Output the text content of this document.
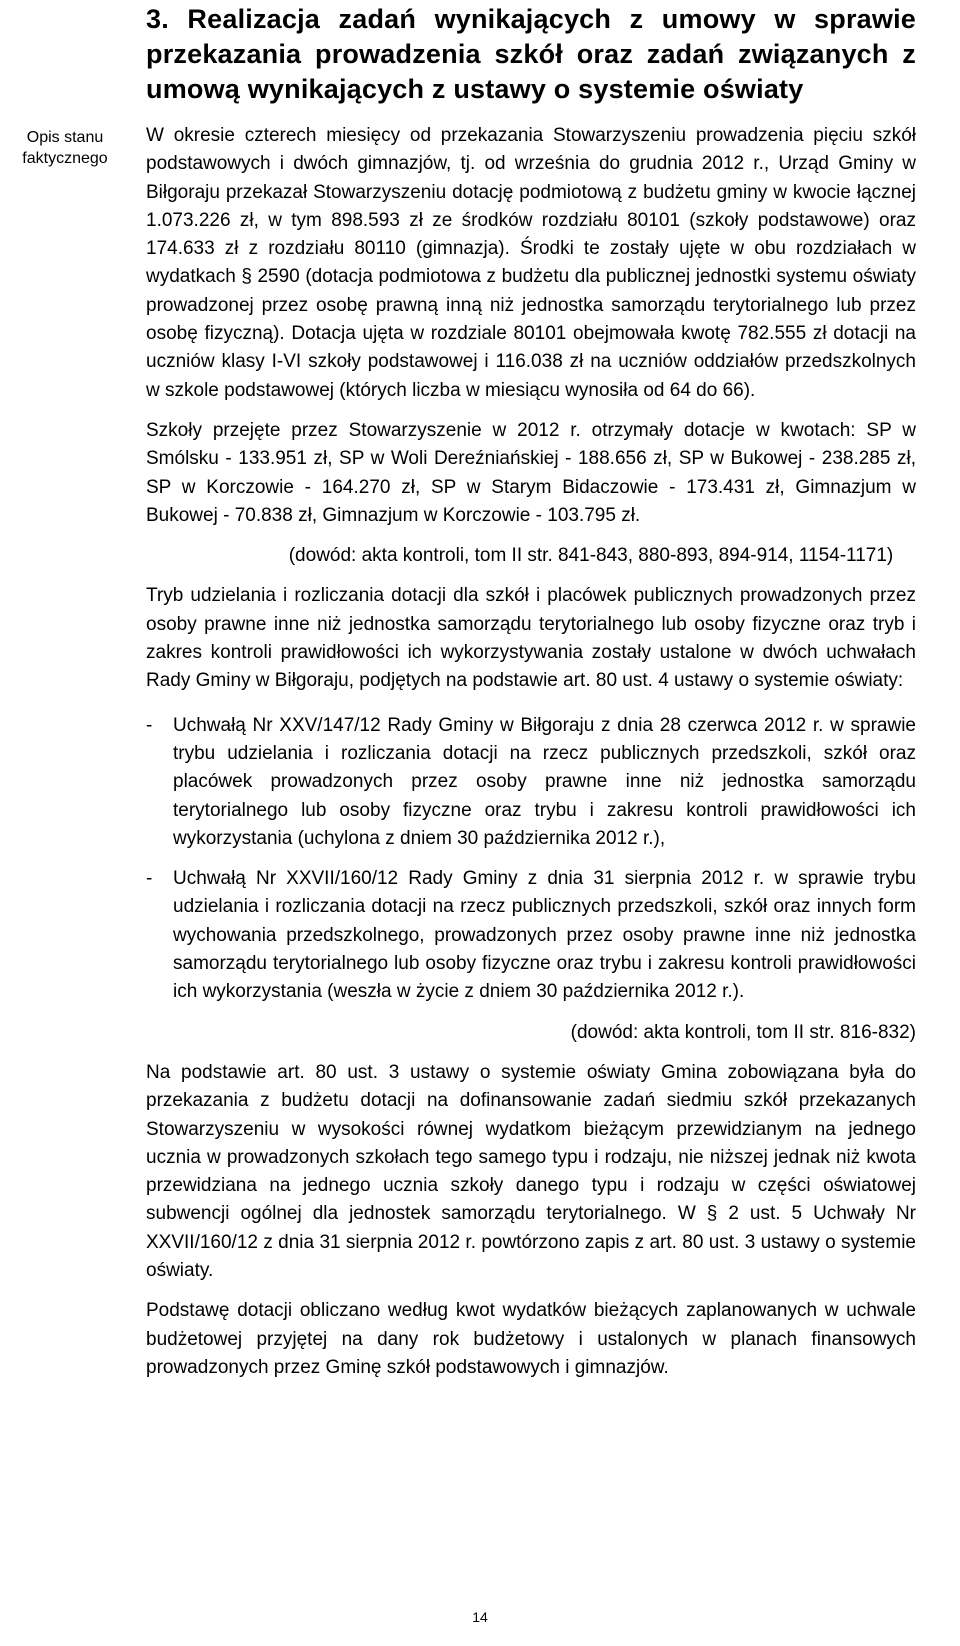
3. Realizacja zadań wynikających z umowy w sprawie przekazania prowadzenia szkół oraz zadań związanych z umową wynikających z ustawy o systemie oświaty
Opis stanu faktycznego

W okresie czterech miesięcy od przekazania Stowarzyszeniu prowadzenia pięciu szkół podstawowych i dwóch gimnazjów, tj. od września do grudnia 2012 r., Urząd Gminy w Biłgoraju przekazał Stowarzyszeniu dotację podmiotową z budżetu gminy w kwocie łącznej 1.073.226 zł, w tym 898.593 zł ze środków rozdziału 80101 (szkoły podstawowe) oraz 174.633 zł z rozdziału 80110 (gimnazja). Środki te zostały ujęte w obu rozdziałach w wydatkach § 2590 (dotacja podmiotowa z budżetu dla publicznej jednostki systemu oświaty prowadzonej przez osobę prawną inną niż jednostka samorządu terytorialnego lub przez osobę fizyczną). Dotacja ujęta w rozdziale 80101 obejmowała kwotę 782.555 zł dotacji na uczniów klasy I-VI szkoły podstawowej i 116.038 zł na uczniów oddziałów przedszkolnych w szkole podstawowej (których liczba w miesiącu wynosiła od 64 do 66).

Szkoły przejęte przez Stowarzyszenie w 2012 r. otrzymały dotacje w kwotach: SP w Smólsku - 133.951 zł, SP w Woli Dereźniańskiej - 188.656 zł, SP w Bukowej - 238.285 zł, SP w Korczowie - 164.270 zł, SP w Starym Bidaczowie - 173.431 zł, Gimnazjum w Bukowej - 70.838 zł, Gimnazjum w Korczowie - 103.795 zł.

(dowód: akta kontroli, tom II str. 841-843, 880-893, 894-914, 1154-1171)

Tryb udzielania i rozliczania dotacji dla szkół i placówek publicznych prowadzonych przez osoby prawne inne niż jednostka samorządu terytorialnego lub osoby fizyczne oraz tryb i zakres kontroli prawidłowości ich wykorzystywania zostały ustalone w dwóch uchwałach Rady Gminy w Biłgoraju, podjętych na podstawie art. 80 ust. 4 ustawy o systemie oświaty:

- Uchwałą Nr XXV/147/12 Rady Gminy w Biłgoraju z dnia 28 czerwca 2012 r. w sprawie trybu udzielania i rozliczania dotacji na rzecz publicznych przedszkoli, szkół oraz placówek prowadzonych przez osoby prawne inne niż jednostka samorządu terytorialnego lub osoby fizyczne oraz trybu i zakresu kontroli prawidłowości ich wykorzystania (uchylona z dniem 30 października 2012 r.),
- Uchwałą Nr XXVII/160/12 Rady Gminy z dnia 31 sierpnia 2012 r. w sprawie trybu udzielania i rozliczania dotacji na rzecz publicznych przedszkoli, szkół oraz innych form wychowania przedszkolnego, prowadzonych przez osoby prawne inne niż jednostka samorządu terytorialnego lub osoby fizyczne oraz trybu i zakresu kontroli prawidłowości ich wykorzystania (weszła w życie z dniem 30 października 2012 r.).

(dowód: akta kontroli, tom II str. 816-832)

Na podstawie art. 80 ust. 3 ustawy o systemie oświaty Gmina zobowiązana była do przekazania z budżetu dotacji na dofinansowanie zadań siedmiu szkół przekazanych Stowarzyszeniu w wysokości równej wydatkom bieżącym przewidzianym na jednego ucznia w prowadzonych szkołach tego samego typu i rodzaju, nie niższej jednak niż kwota przewidziana na jednego ucznia szkoły danego typu i rodzaju w części oświatowej subwencji ogólnej dla jednostek samorządu terytorialnego. W § 2 ust. 5 Uchwały Nr XXVII/160/12 z dnia 31 sierpnia 2012 r. powtórzono zapis z art. 80 ust. 3 ustawy o systemie oświaty.

Podstawę dotacji obliczano według kwot wydatków bieżących zaplanowanych w uchwale budżetowej przyjętej na dany rok budżetowy i ustalonych w planach finansowych prowadzonych przez Gminę szkół podstawowych i gimnazjów.

14
